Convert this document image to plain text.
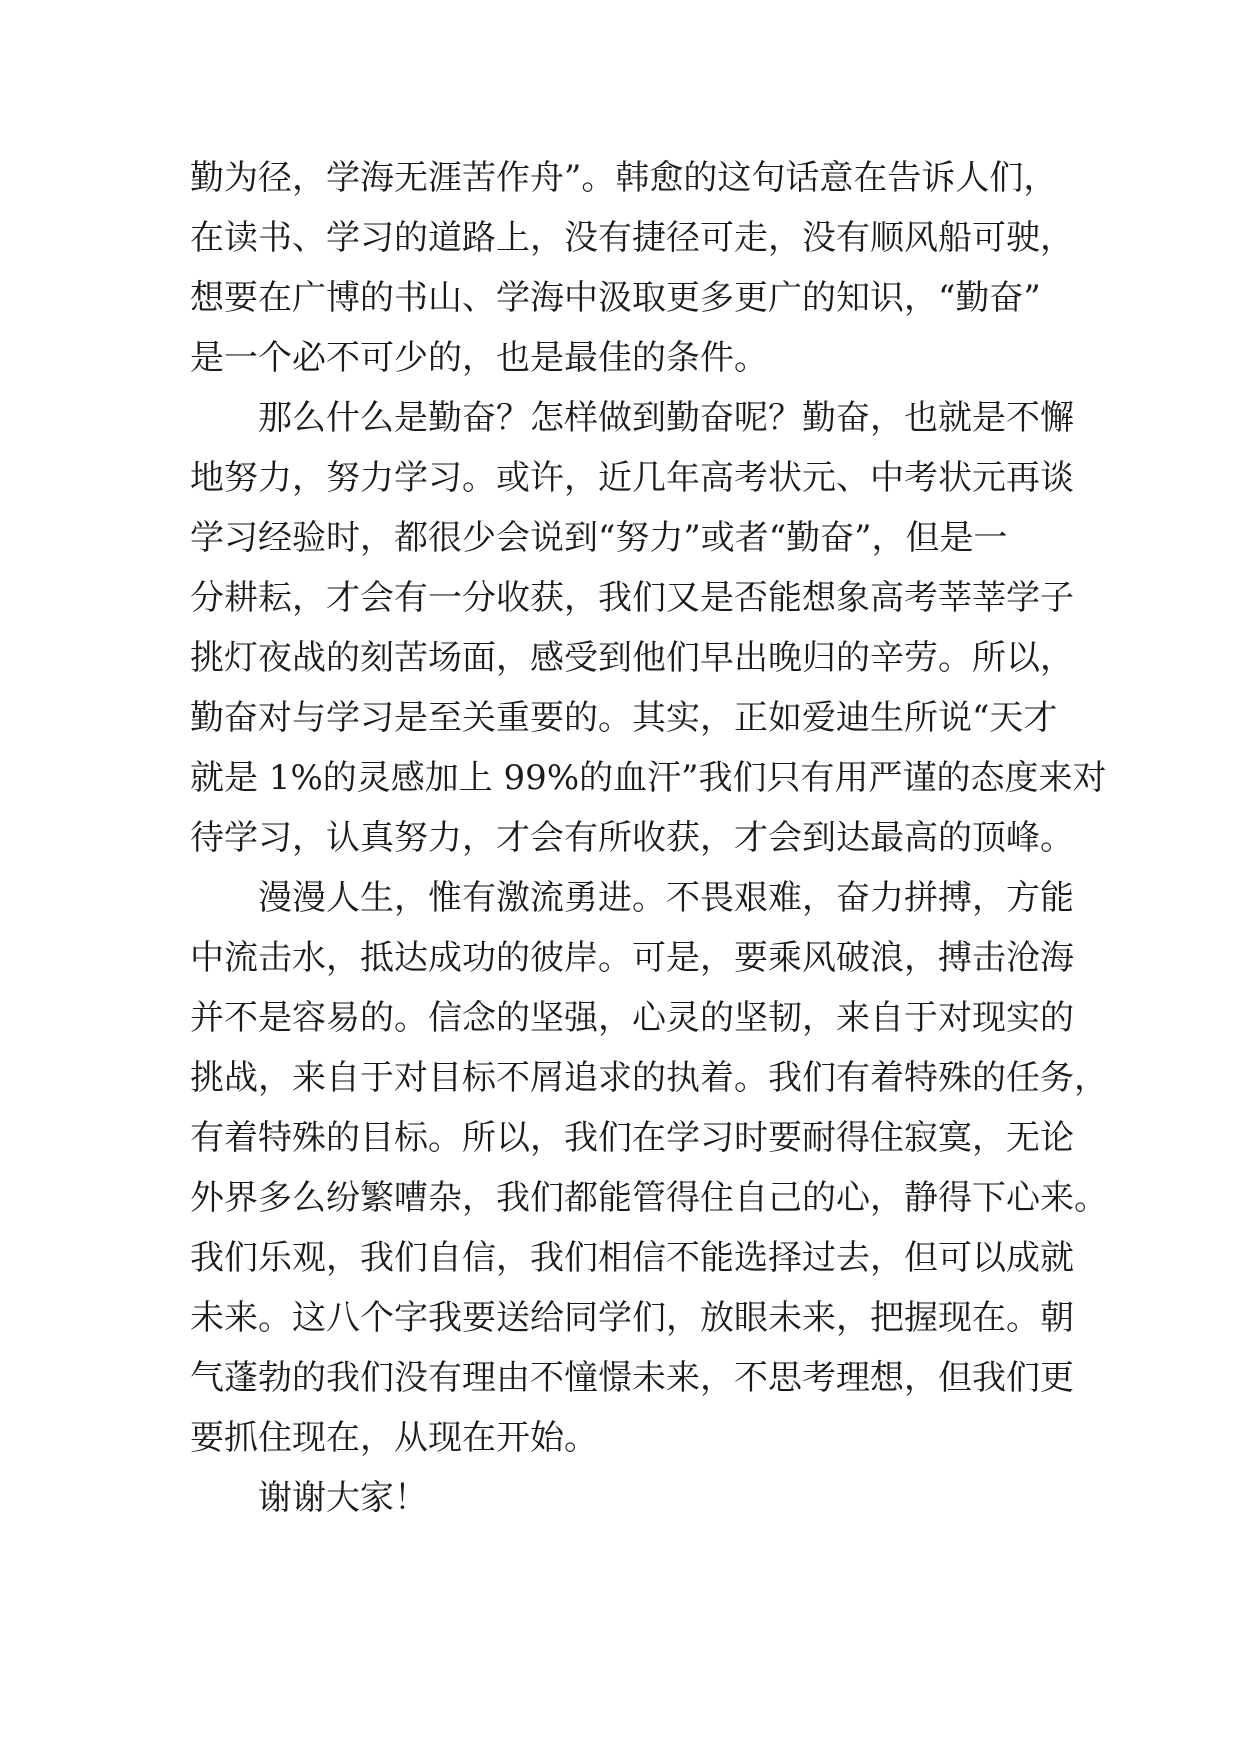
勤为径，学海无涯苦作舟”。韩愈的这句话意在告诉人们，
在读书、学习的道路上，没有捷径可走，没有顺风船可驶，
想要在广博的书山、学海中汲取更多更广的知识，“勤奋”
是一个必不可少的，也是最佳的条件。
那么什么是勤奋？怎样做到勤奋呢？勤奋，也就是不懈
地努力，努力学习。或许，近几年高考状元、中考状元再谈
学习经验时，都很少会说到“努力”或者“勤奋”，但是一
分耕耘，才会有一分收获，我们又是否能想象高考莘莘学子
挑灯夜战的刻苦场面，感受到他们早出晚归的辛劳。所以，
勤奋对与学习是至关重要的。其实，正如爱迪生所说“天才
就是 1%的灵感加上 99%的血汗”我们只有用严谨的态度来对
待学习，认真努力，才会有所收获，才会到达最高的顶峰。
漫漫人生，惟有激流勇进。不畏艰难，奋力拼搏，方能
中流击水，抵达成功的彼岸。可是，要乘风破浪，搏击沧海
并不是容易的。信念的坚强，心灵的坚韧，来自于对现实的
挑战，来自于对目标不屑追求的执着。我们有着特殊的任务，
有着特殊的目标。所以，我们在学习时要耐得住寂寞，无论
外界多么纷繁嘈杂，我们都能管得住自己的心，静得下心来。
我们乐观，我们自信，我们相信不能选择过去，但可以成就
未来。这八个字我要送给同学们，放眼未来，把握现在。朝
气蓬勃的我们没有理由不憧憬未来，不思考理想，但我们更
要抓住现在，从现在开始。
谢谢大家！
